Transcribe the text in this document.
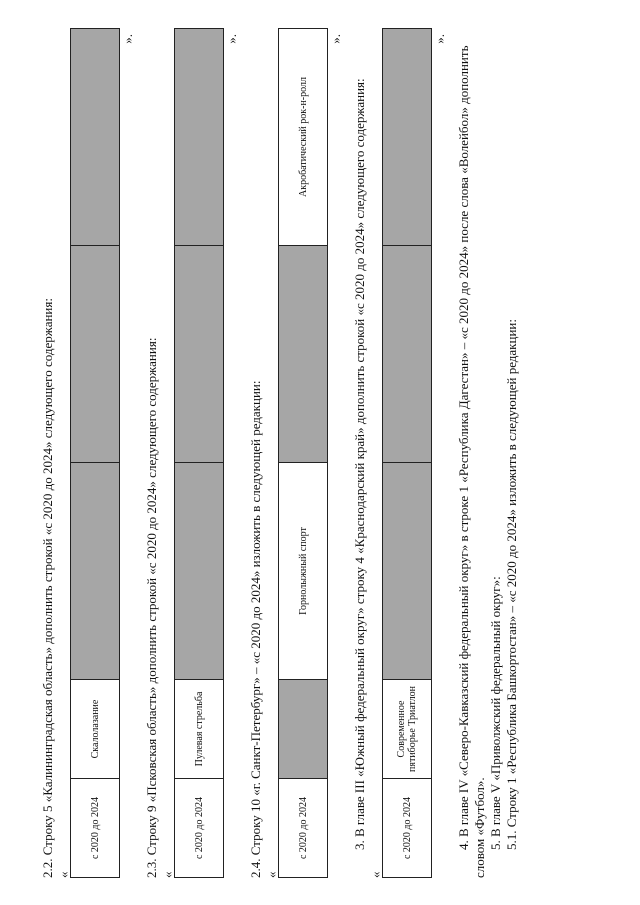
2.2. Строку 5 «Калининградская область» дополнить строкой «с 2020 до 2024» следующего содержания: «
с 2020 до 2024	Скалолазание			
».

2.3. Строку 9 «Псковская область» дополнить строкой «с 2020 до 2024» следующего содержания: «
с 2020 до 2024	Пулевая стрельба			
».

2.4. Строку 10 «г. Санкт-Петербург» – «с 2020 до 2024» изложить в следующей редакции: «
с 2020 до 2024		Горнолыжный спорт		Акробатический рок-н-ролл
».

3. В главе III «Южный федеральный округ» строку 4 «Краснодарский край» дополнить строкой «с 2020 до 2024» следующего содержания:

«
с 2020 до 2024	Современное пятиборье Триатлон			
».

4. В главе IV «Северо-Кавказский федеральный округ» в строке 1 «Республика Дагестан» – «с 2020 до 2024» после слова «Волейбол» дополнить словом «Футбол». 5. В главе V «Приволжский федеральный округ»: 5.1. Строку 1 «Республика Башкортостан» – «с 2020 до 2024» изложить в следующей редакции:
